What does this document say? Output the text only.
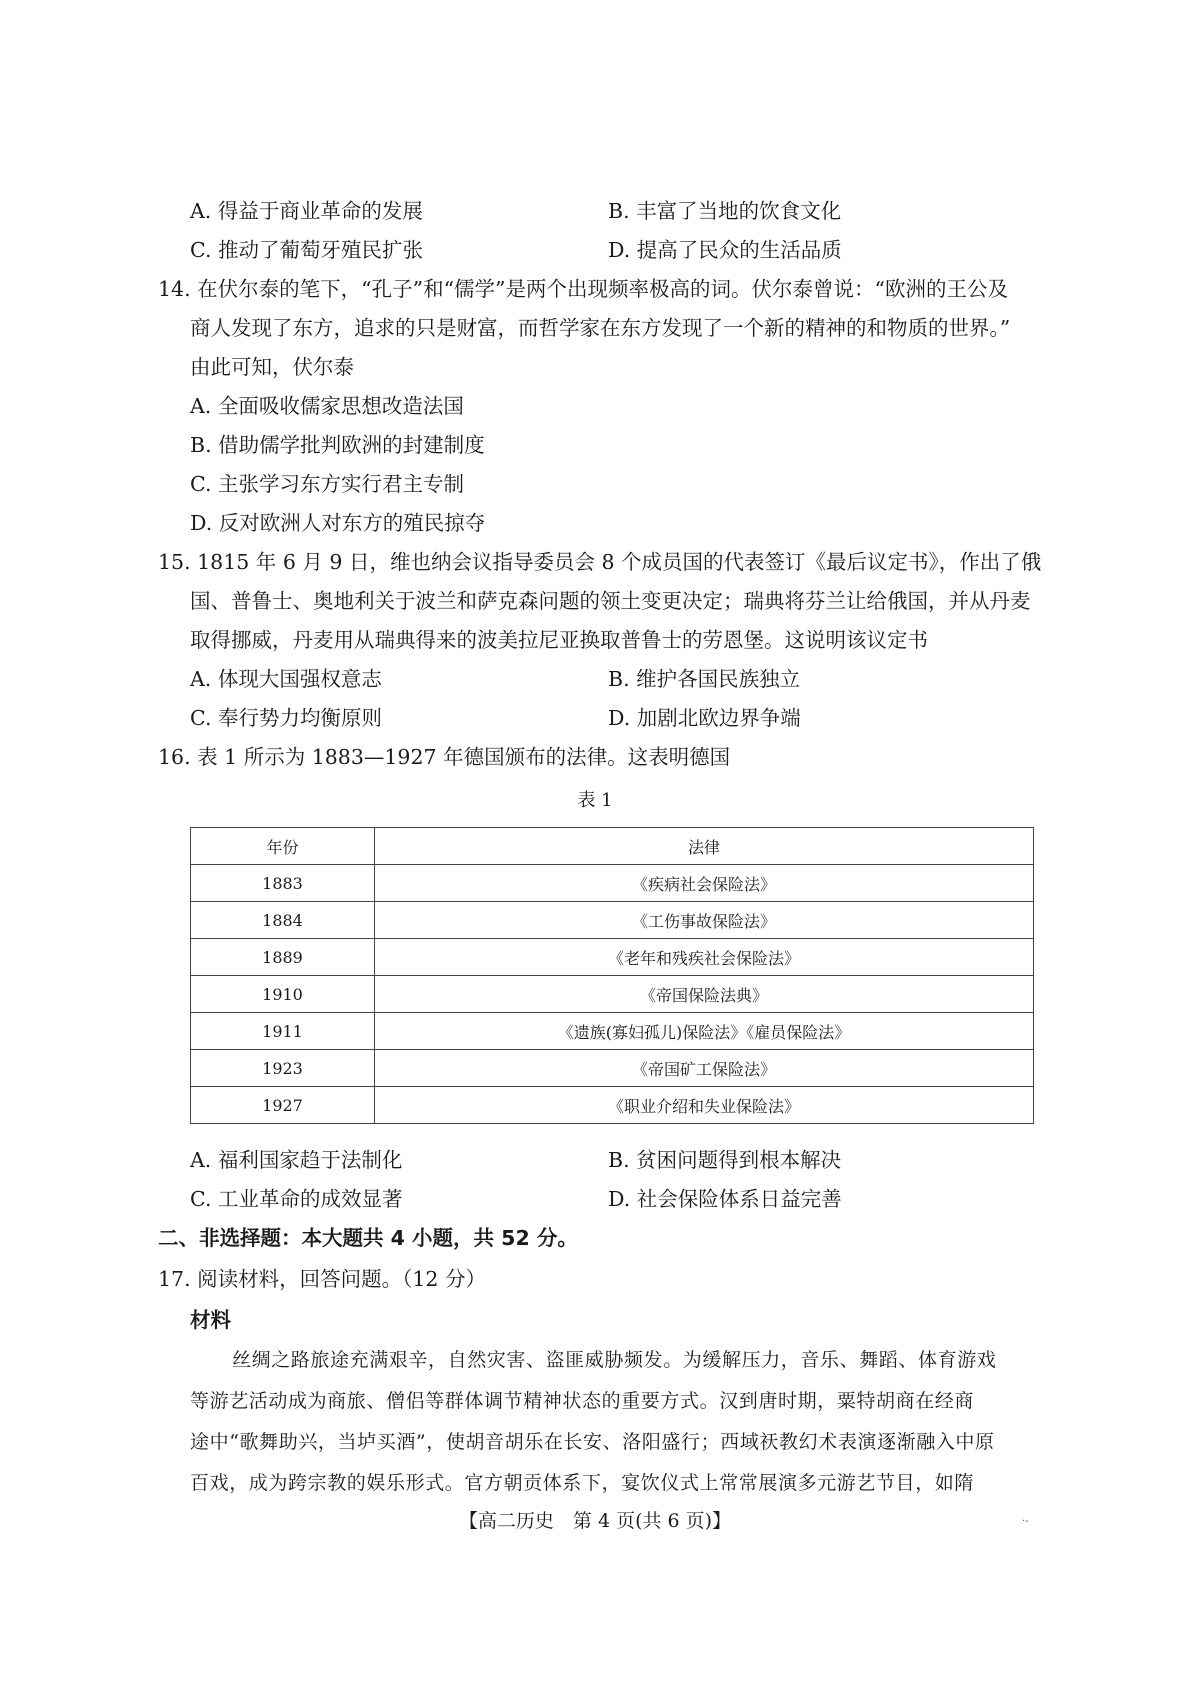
A. 得益于商业革命的发展	B. 丰富了当地的饮食文化
C. 推动了葡萄牙殖民扩张	D. 提高了民众的生活品质
14. 在伏尔泰的笔下，“孔子”和“儒学”是两个出现频率极高的词。伏尔泰曾说：“欧洲的王公及
商人发现了东方，追求的只是财富，而哲学家在东方发现了一个新的精神的和物质的世界。”
由此可知，伏尔泰
A. 全面吸收儒家思想改造法国
B. 借助儒学批判欧洲的封建制度
C. 主张学习东方实行君主专制
D. 反对欧洲人对东方的殖民掠夺
15. 1815 年 6 月 9 日，维也纳会议指导委员会 8 个成员国的代表签订《最后议定书》，作出了俄
国、普鲁士、奥地利关于波兰和萨克森问题的领土变更决定；瑞典将芬兰让给俄国，并从丹麦
取得挪威，丹麦用从瑞典得来的波美拉尼亚换取普鲁士的劳恩堡。这说明该议定书
A. 体现大国强权意志	B. 维护各国民族独立
C. 奉行势力均衡原则	D. 加剧北欧边界争端
16. 表 1 所示为 1883—1927 年德国颁布的法律。这表明德国
表 1
年份	法律
1883	《疾病社会保险法》
1884	《工伤事故保险法》
1889	《老年和残疾社会保险法》
1910	《帝国保险法典》
1911	《遗族(寡妇孤儿)保险法》《雇员保险法》
1923	《帝国矿工保险法》
1927	《职业介绍和失业保险法》
A. 福利国家趋于法制化	B. 贫困问题得到根本解决
C. 工业革命的成效显著	D. 社会保险体系日益完善
二、非选择题：本大题共 4 小题，共 52 分。
17. 阅读材料，回答问题。（12 分）
材料
丝绸之路旅途充满艰辛，自然灾害、盗匪威胁频发。为缓解压力，音乐、舞蹈、体育游戏
等游艺活动成为商旅、僧侣等群体调节精神状态的重要方式。汉到唐时期，粟特胡商在经商
途中“歌舞助兴，当垆买酒”，使胡音胡乐在长安、洛阳盛行；西域祆教幻术表演逐渐融入中原
百戏，成为跨宗教的娱乐形式。官方朝贡体系下，宴饮仪式上常常展演多元游艺节目，如隋
【高二历史　第 4 页(共 6 页)】	·-
